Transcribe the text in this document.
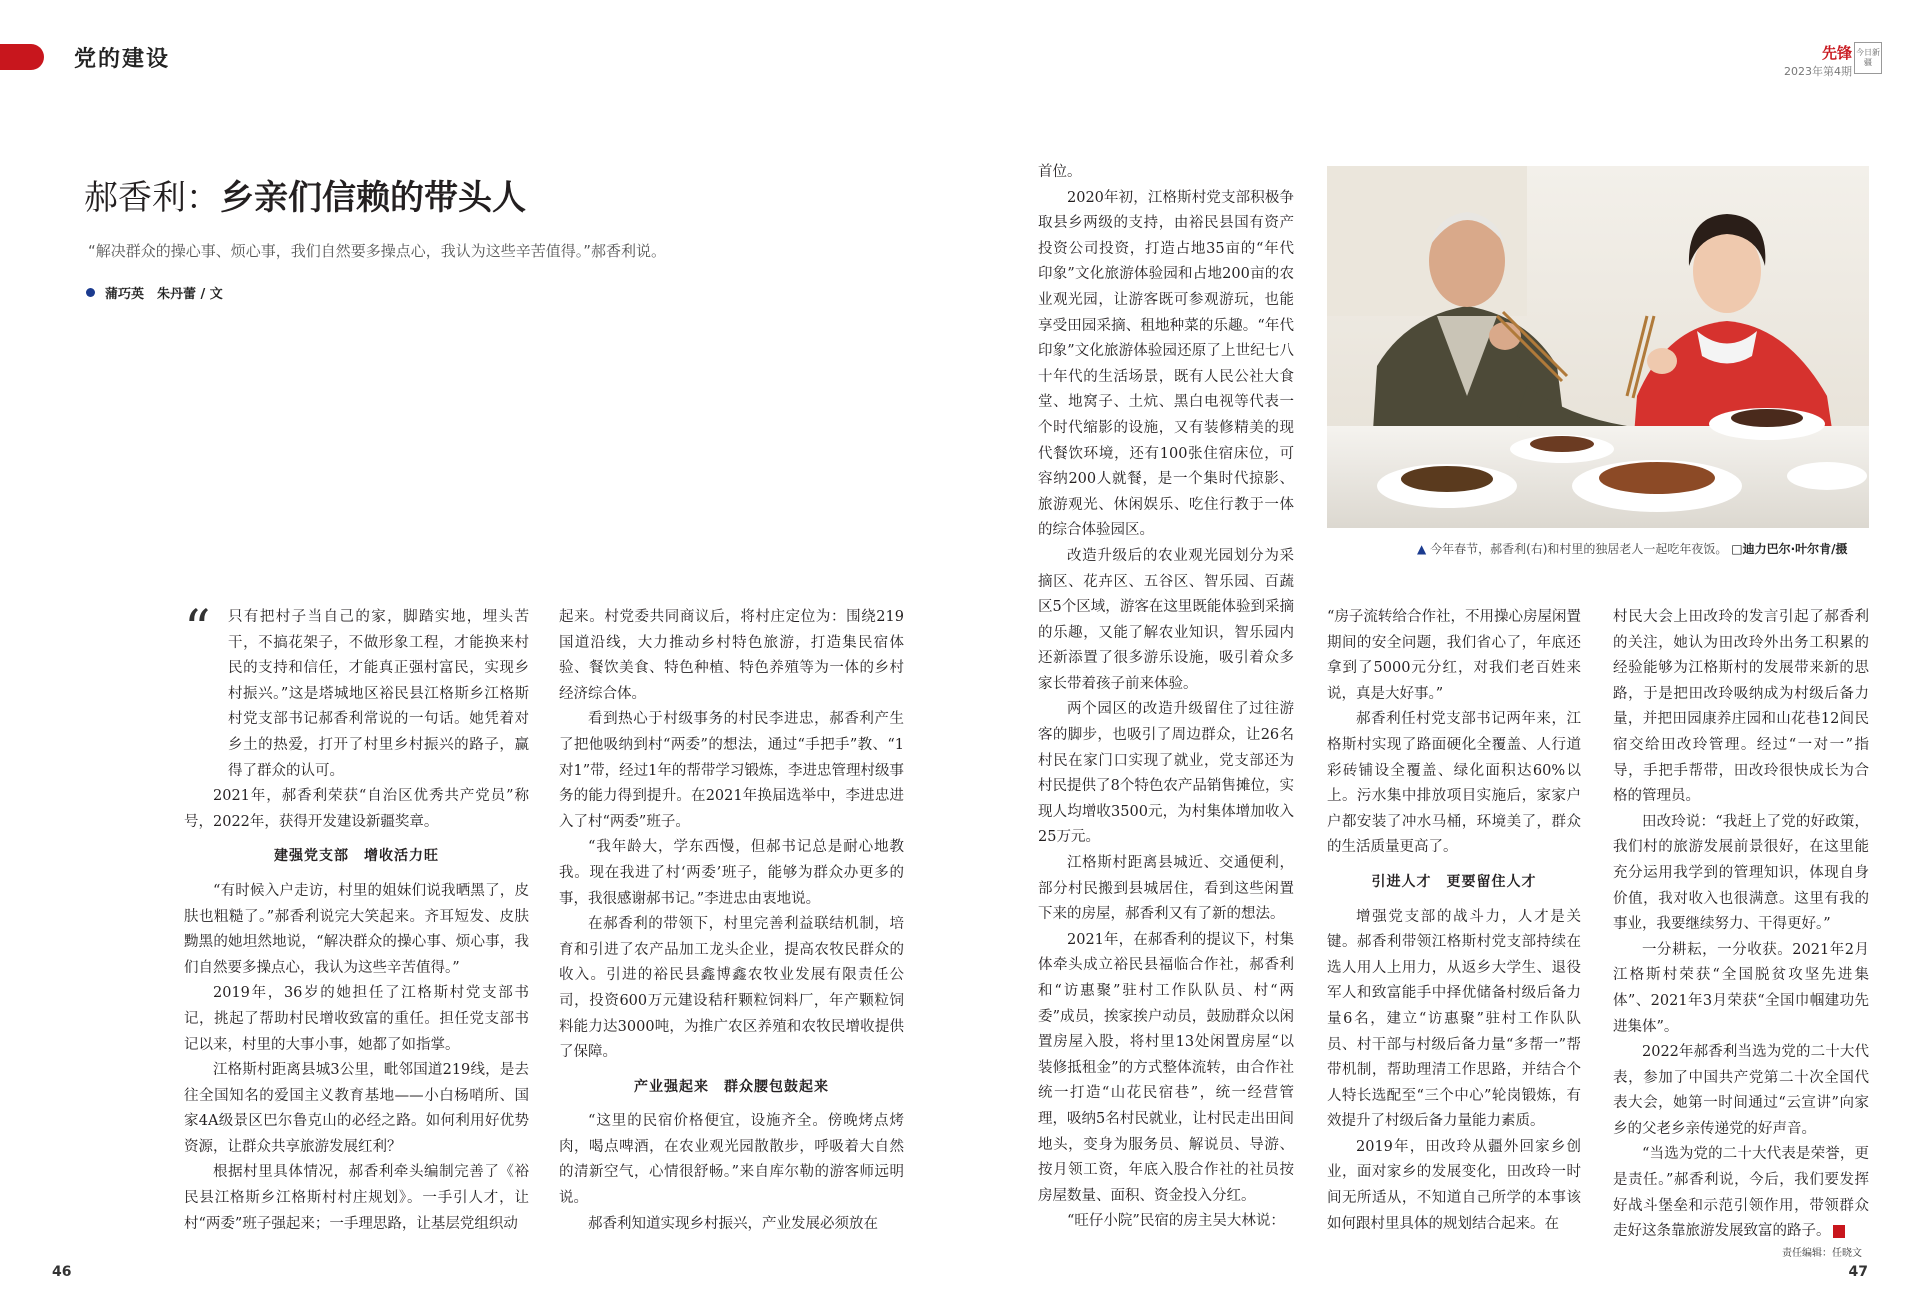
党的建设	先锋
2023年第4期
今日新疆
郝香利：乡亲们信赖的带头人
“解决群众的操心事、烦心事，我们自然要多操点心，我认为这些辛苦值得。”郝香利说。
蒲巧英　朱丹蕾 / 文
▲ 今年春节，郝香利(右)和村里的独居老人一起吃年夜饭。 □迪力巴尔·叶尔肯/摄
“	只有把村子当自己的家，脚踏实地，埋头苦干，不搞花架子，不做形象工程，才能换来村民的支持和信任，才能真正强村富民，实现乡村振兴。”这是塔城地区裕民县江格斯乡江格斯村党支部书记郝香利常说的一句话。她凭着对乡土的热爱，打开了村里乡村振兴的路子，赢得了群众的认可。

2021年，郝香利荣获“自治区优秀共产党员”称号，2022年，获得开发建设新疆奖章。

建强党支部　增收活力旺

“有时候入户走访，村里的姐妹们说我晒黑了，皮肤也粗糙了。”郝香利说完大笑起来。齐耳短发、皮肤黝黑的她坦然地说，“解决群众的操心事、烦心事，我们自然要多操点心，我认为这些辛苦值得。”

2019年，36岁的她担任了江格斯村党支部书记，挑起了帮助村民增收致富的重任。担任党支部书记以来，村里的大事小事，她都了如指掌。

江格斯村距离县城3公里，毗邻国道219线，是去往全国知名的爱国主义教育基地——小白杨哨所、国家4A级景区巴尔鲁克山的必经之路。如何利用好优势资源，让群众共享旅游发展红利？

根据村里具体情况，郝香利牵头编制完善了《裕民县江格斯乡江格斯村村庄规划》。一手引人才，让村“两委”班子强起来；一手理思路，让基层党组织动

起来。村党委共同商议后，将村庄定位为：围绕219国道沿线，大力推动乡村特色旅游，打造集民宿体验、餐饮美食、特色种植、特色养殖等为一体的乡村经济综合体。

看到热心于村级事务的村民李进忠，郝香利产生了把他吸纳到村“两委”的想法，通过“手把手”教、“1对1”带，经过1年的帮带学习锻炼，李进忠管理村级事务的能力得到提升。在2021年换届选举中，李进忠进入了村“两委”班子。

“我年龄大，学东西慢，但郝书记总是耐心地教我。现在我进了村‘两委’班子，能够为群众办更多的事，我很感谢郝书记。”李进忠由衷地说。

在郝香利的带领下，村里完善利益联结机制，培育和引进了农产品加工龙头企业，提高农牧民群众的收入。引进的裕民县鑫博鑫农牧业发展有限责任公司，投资600万元建设秸秆颗粒饲料厂，年产颗粒饲料能力达3000吨，为推广农区养殖和农牧民增收提供了保障。

产业强起来　群众腰包鼓起来

“这里的民宿价格便宜，设施齐全。傍晚烤点烤肉，喝点啤酒，在农业观光园散散步，呼吸着大自然的清新空气，心情很舒畅。”来自库尔勒的游客师远明说。

郝香利知道实现乡村振兴，产业发展必须放在

首位。

2020年初，江格斯村党支部积极争取县乡两级的支持，由裕民县国有资产投资公司投资，打造占地35亩的“年代印象”文化旅游体验园和占地200亩的农业观光园，让游客既可参观游玩，也能享受田园采摘、租地种菜的乐趣。“年代印象”文化旅游体验园还原了上世纪七八十年代的生活场景，既有人民公社大食堂、地窝子、土炕、黑白电视等代表一个时代缩影的设施，又有装修精美的现代餐饮环境，还有100张住宿床位，可容纳200人就餐，是一个集时代掠影、旅游观光、休闲娱乐、吃住行教于一体的综合体验园区。

改造升级后的农业观光园划分为采摘区、花卉区、五谷区、智乐园、百蔬区5个区域，游客在这里既能体验到采摘的乐趣，又能了解农业知识，智乐园内还新添置了很多游乐设施，吸引着众多家长带着孩子前来体验。

两个园区的改造升级留住了过往游客的脚步，也吸引了周边群众，让26名村民在家门口实现了就业，党支部还为村民提供了8个特色农产品销售摊位，实现人均增收3500元，为村集体增加收入25万元。

江格斯村距离县城近、交通便利，部分村民搬到县城居住，看到这些闲置下来的房屋，郝香利又有了新的想法。

2021年，在郝香利的提议下，村集体牵头成立裕民县福临合作社，郝香利和“访惠聚”驻村工作队队员、村“两委”成员，挨家挨户动员，鼓励群众以闲置房屋入股，将村里13处闲置房屋“以装修抵租金”的方式整体流转，由合作社统一打造“山花民宿巷”，统一经营管理，吸纳5名村民就业，让村民走出田间地头，变身为服务员、解说员、导游、按月领工资，年底入股合作社的社员按房屋数量、面积、资金投入分红。

“旺仔小院”民宿的房主吴大林说：

“房子流转给合作社，不用操心房屋闲置期间的安全问题，我们省心了，年底还拿到了5000元分红，对我们老百姓来说，真是大好事。”

郝香利任村党支部书记两年来，江格斯村实现了路面硬化全覆盖、人行道彩砖铺设全覆盖、绿化面积达60%以上。污水集中排放项目实施后，家家户户都安装了冲水马桶，环境美了，群众的生活质量更高了。

引进人才　更要留住人才

增强党支部的战斗力，人才是关键。郝香利带领江格斯村党支部持续在选人用人上用力，从返乡大学生、退役军人和致富能手中择优储备村级后备力量6名，建立“访惠聚”驻村工作队队员、村干部与村级后备力量“多帮一”帮带机制，帮助理清工作思路，并结合个人特长选配至“三个中心”轮岗锻炼，有效提升了村级后备力量能力素质。

2019年，田改玲从疆外回家乡创业，面对家乡的发展变化，田改玲一时间无所适从，不知道自己所学的本事该如何跟村里具体的规划结合起来。在

村民大会上田改玲的发言引起了郝香利的关注，她认为田改玲外出务工积累的经验能够为江格斯村的发展带来新的思路，于是把田改玲吸纳成为村级后备力量，并把田园康养庄园和山花巷12间民宿交给田改玲管理。经过“一对一”指导，手把手帮带，田改玲很快成长为合格的管理员。

田改玲说：“我赶上了党的好政策，我们村的旅游发展前景很好，在这里能充分运用我学到的管理知识，体现自身价值，我对收入也很满意。这里有我的事业，我要继续努力、干得更好。”

一分耕耘，一分收获。2021年2月江格斯村荣获“全国脱贫攻坚先进集体”、2021年3月荣获“全国巾帼建功先进集体”。

2022年郝香利当选为党的二十大代表，参加了中国共产党第二十次全国代表大会，她第一时间通过“云宣讲”向家乡的父老乡亲传递党的好声音。

“当选为党的二十大代表是荣誉，更是责任。”郝香利说，今后，我们要发挥好战斗堡垒和示范引领作用，带领群众走好这条靠旅游发展致富的路子。

46	47
责任编辑：任晓文
